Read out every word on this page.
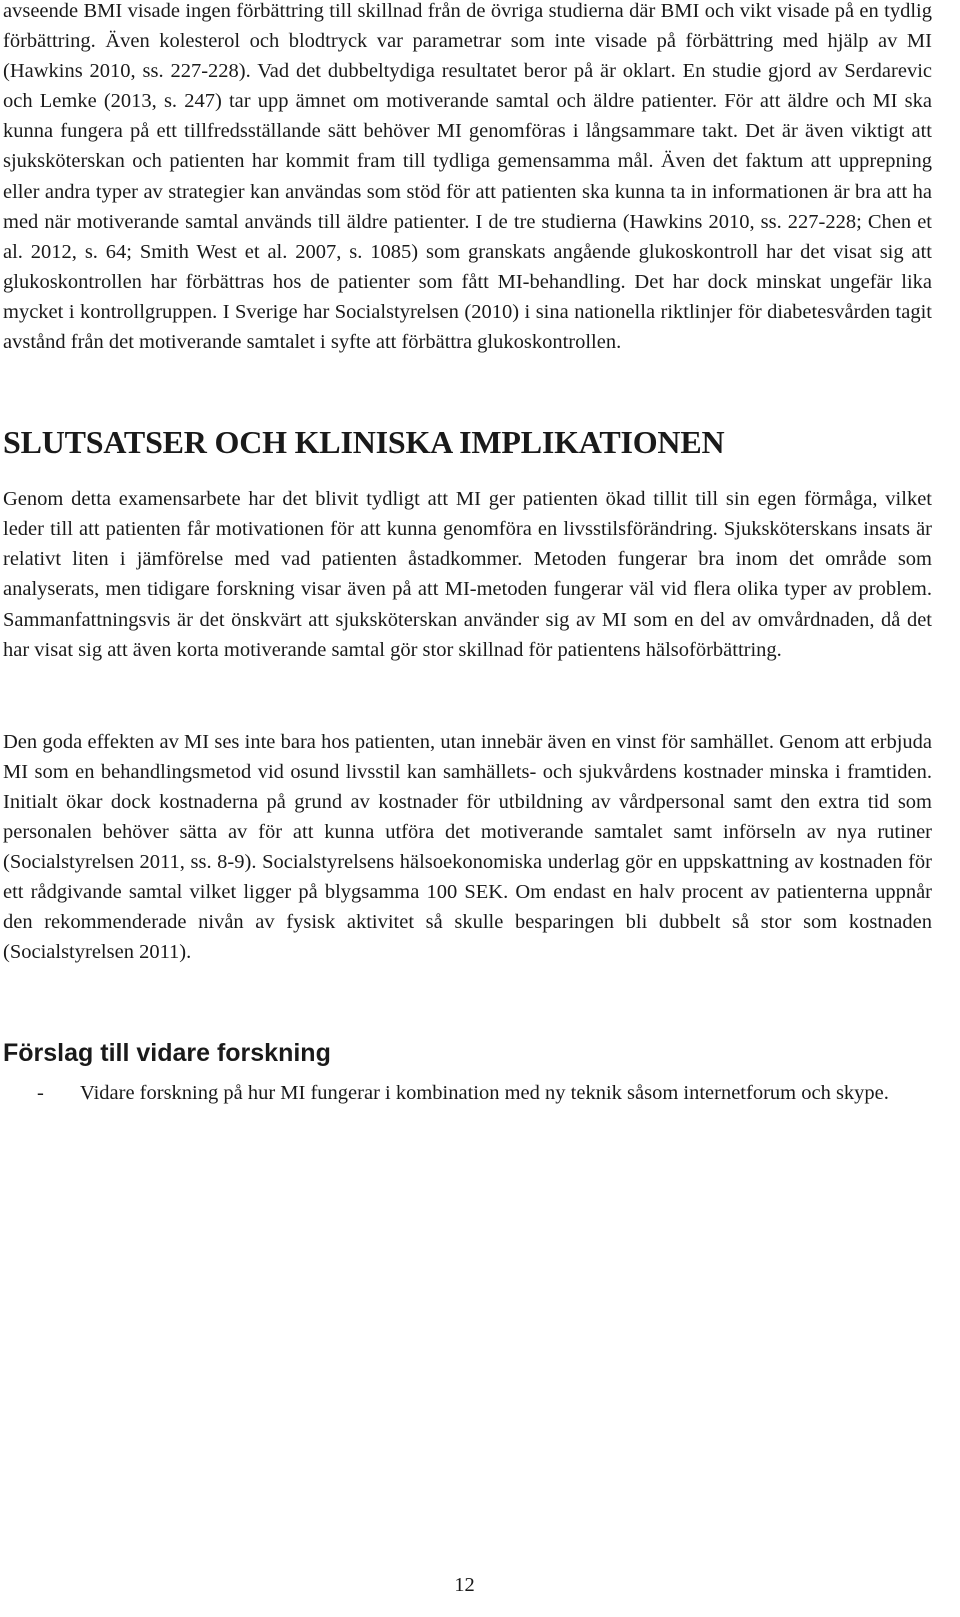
avseende BMI visade ingen förbättring till skillnad från de övriga studierna där BMI och vikt visade på en tydlig förbättring. Även kolesterol och blodtryck var parametrar som inte visade på förbättring med hjälp av MI (Hawkins 2010, ss. 227-228). Vad det dubbeltydiga resultatet beror på är oklart. En studie gjord av Serdarevic och Lemke (2013, s. 247) tar upp ämnet om motiverande samtal och äldre patienter. För att äldre och MI ska kunna fungera på ett tillfredsställande sätt behöver MI genomföras i långsammare takt. Det är även viktigt att sjuksköterskan och patienten har kommit fram till tydliga gemensamma mål. Även det faktum att upprepning eller andra typer av strategier kan användas som stöd för att patienten ska kunna ta in informationen är bra att ha med när motiverande samtal används till äldre patienter. I de tre studierna (Hawkins 2010, ss. 227-228; Chen et al. 2012, s. 64; Smith West et al. 2007, s. 1085) som granskats angående glukoskontroll har det visat sig att glukoskontrollen har förbättras hos de patienter som fått MI-behandling. Det har dock minskat ungefär lika mycket i kontrollgruppen. I Sverige har Socialstyrelsen (2010) i sina nationella riktlinjer för diabetesvården tagit avstånd från det motiverande samtalet i syfte att förbättra glukoskontrollen.

SLUTSATSER OCH KLINISKA IMPLIKATIONEN

Genom detta examensarbete har det blivit tydligt att MI ger patienten ökad tillit till sin egen förmåga, vilket leder till att patienten får motivationen för att kunna genomföra en livsstilsförändring. Sjuksköterskans insats är relativt liten i jämförelse med vad patienten åstadkommer. Metoden fungerar bra inom det område som analyserats, men tidigare forskning visar även på att MI-metoden fungerar väl vid flera olika typer av problem. Sammanfattningsvis är det önskvärt att sjuksköterskan använder sig av MI som en del av omvårdnaden, då det har visat sig att även korta motiverande samtal gör stor skillnad för patientens hälsoförbättring.

Den goda effekten av MI ses inte bara hos patienten, utan innebär även en vinst för samhället. Genom att erbjuda MI som en behandlingsmetod vid osund livsstil kan samhällets- och sjukvårdens kostnader minska i framtiden. Initialt ökar dock kostnaderna på grund av kostnader för utbildning av vårdpersonal samt den extra tid som personalen behöver sätta av för att kunna utföra det motiverande samtalet samt införseln av nya rutiner (Socialstyrelsen 2011, ss. 8-9). Socialstyrelsens hälsoekonomiska underlag gör en uppskattning av kostnaden för ett rådgivande samtal vilket ligger på blygsamma 100 SEK. Om endast en halv procent av patienterna uppnår den rekommenderade nivån av fysisk aktivitet så skulle besparingen bli dubbelt så stor som kostnaden (Socialstyrelsen 2011).

Förslag till vidare forskning
- Vidare forskning på hur MI fungerar i kombination med ny teknik såsom internetforum och skype.
12
